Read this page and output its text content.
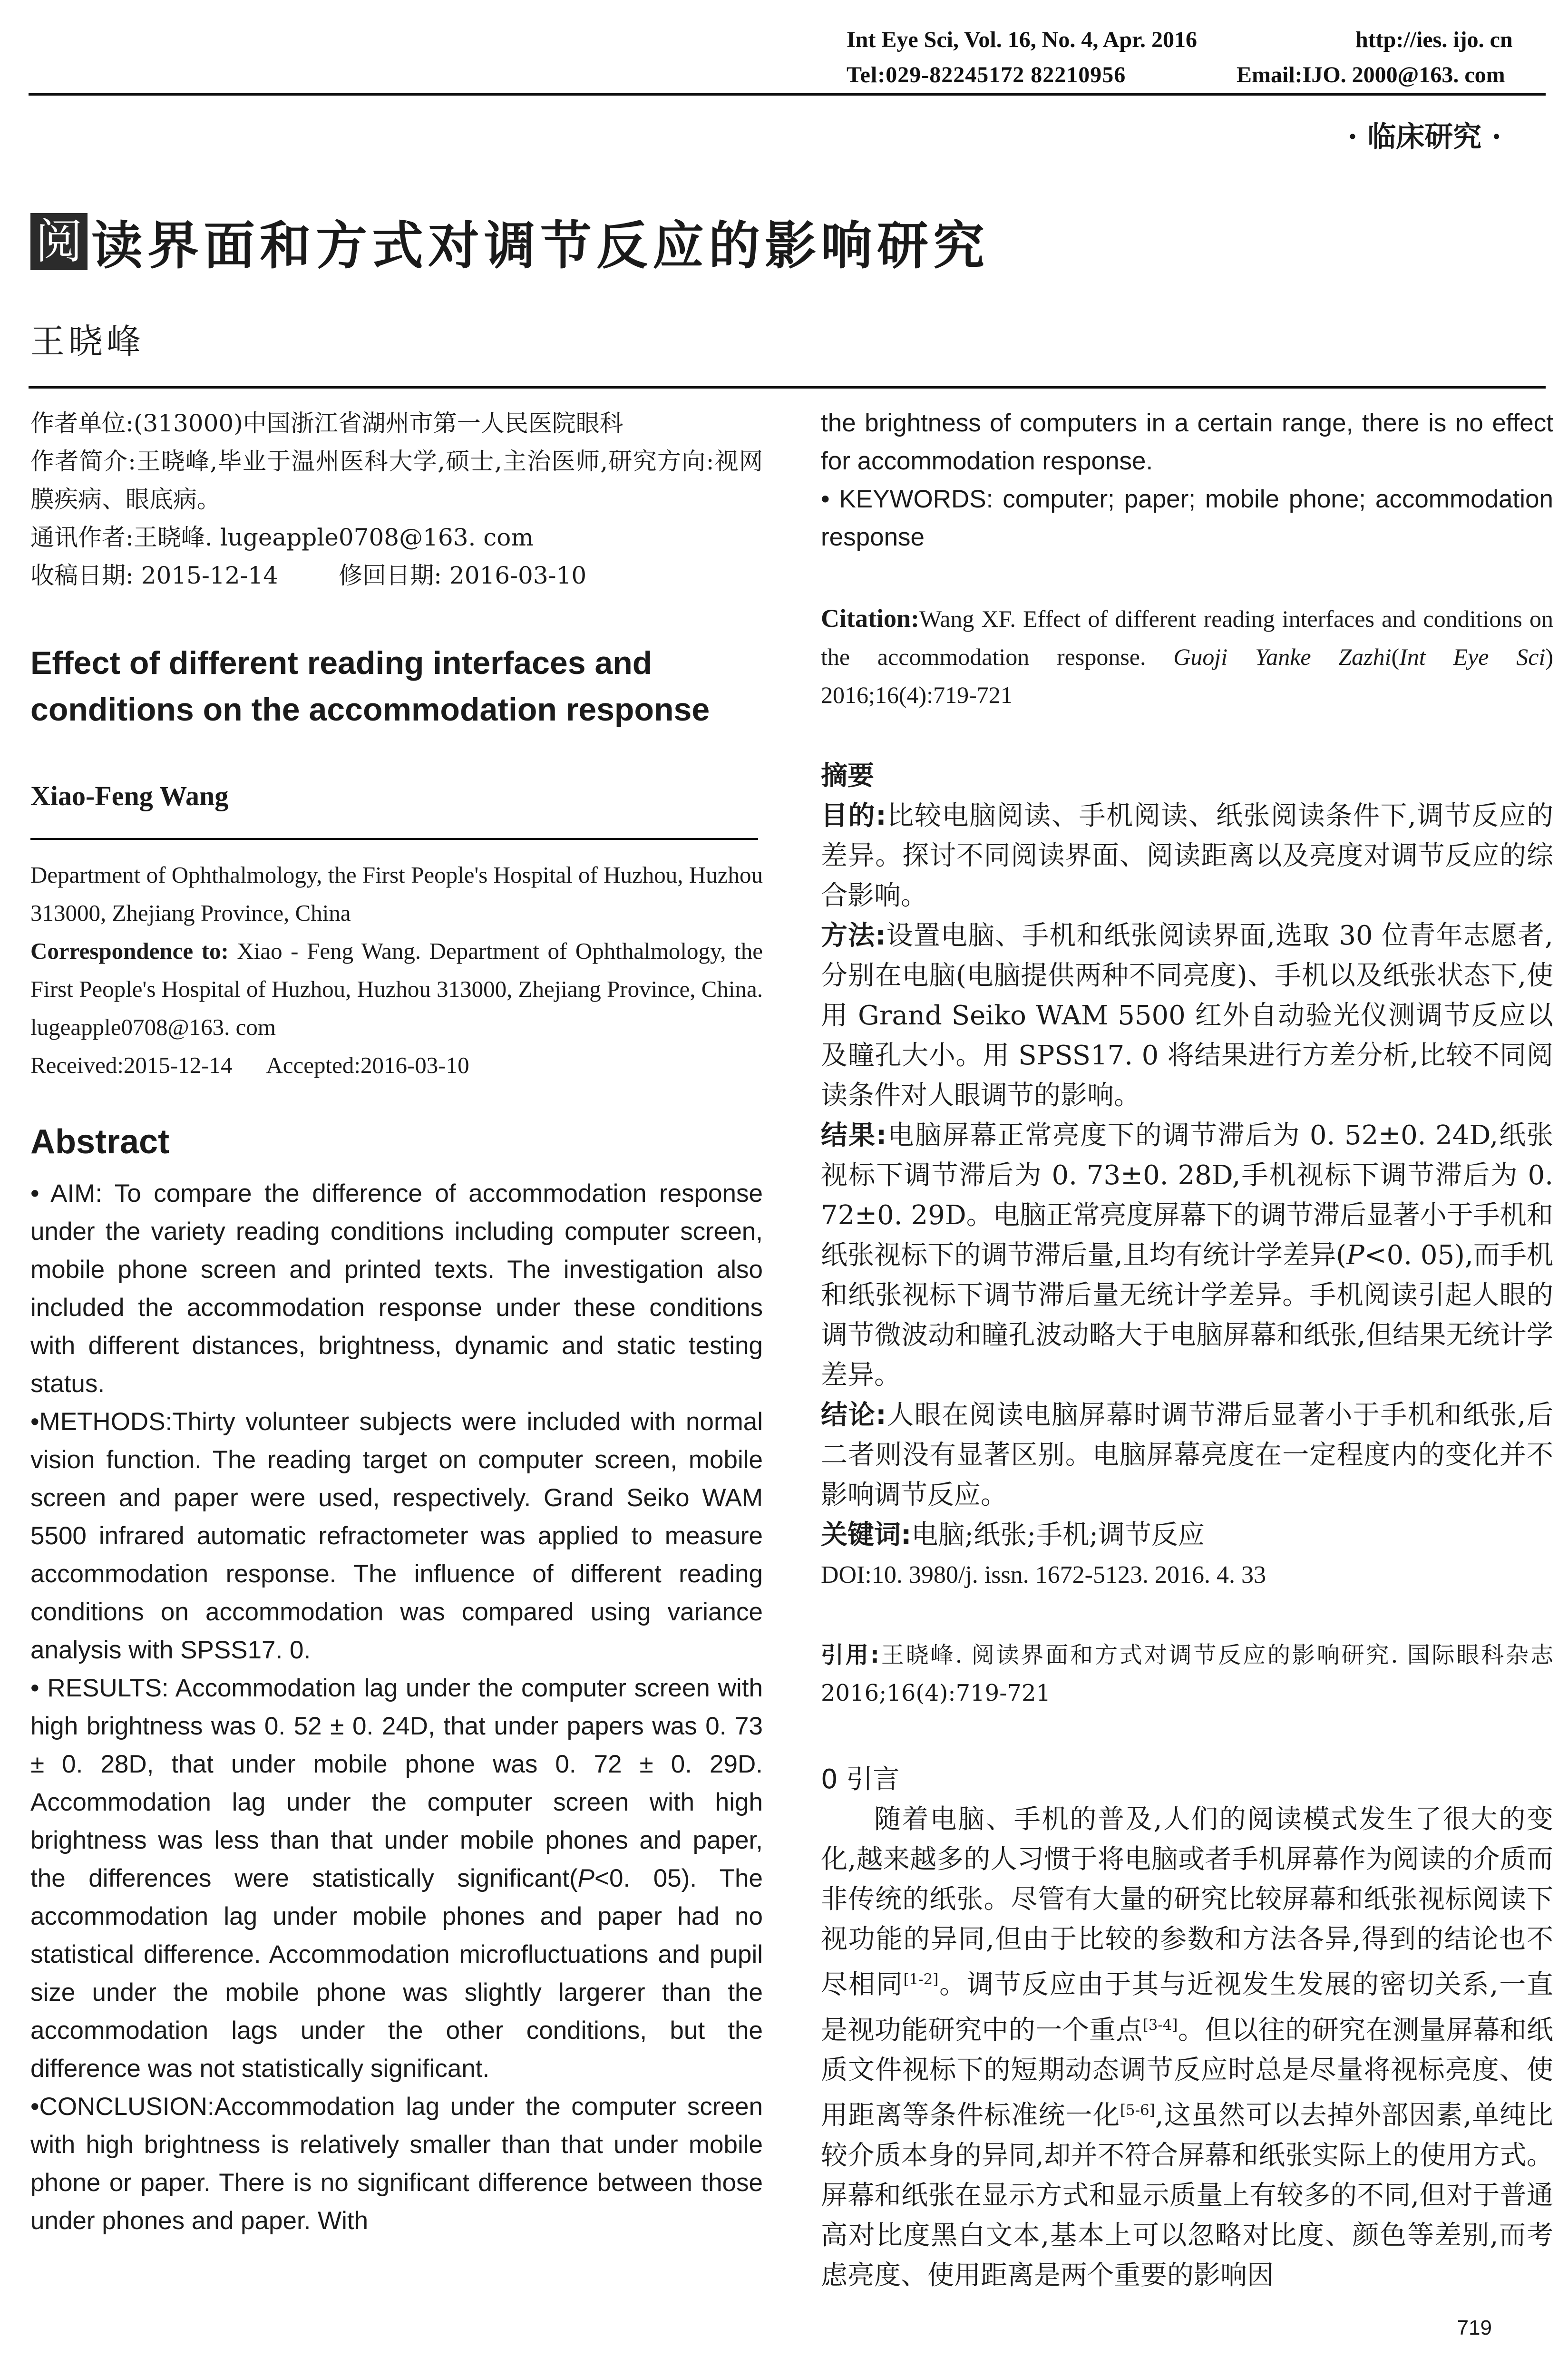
Int Eye Sci, Vol. 16, No. 4, Apr. 2016	http://ies. ijo. cn
Tel:029-82245172 82210956	Email:IJO. 2000@163. com
· 临床研究 ·
阅 读界面和方式对调节反应的影响研究
王晓峰

作者单位:(313000)中国浙江省湖州市第一人民医院眼科

作者简介:王晓峰,毕业于温州医科大学,硕士,主治医师,研究方向:视网膜疾病、眼底病。

通讯作者:王晓峰. lugeapple0708@163. com

收稿日期: 2015-12-14        修回日期: 2016-03-10

Effect of different reading interfaces and conditions on the accommodation response
Xiao-Feng Wang

Department of Ophthalmology, the First People's Hospital of Huzhou, Huzhou 313000, Zhejiang Province, China

Correspondence to: Xiao - Feng Wang. Department of Ophthalmology, the First People's Hospital of Huzhou, Huzhou 313000, Zhejiang Province, China. lugeapple0708@163. com

Received:2015-12-14      Accepted:2016-03-10

Abstract

• AIM: To compare the difference of accommodation response under the variety reading conditions including computer screen, mobile phone screen and printed texts. The investigation also included the accommodation response under these conditions with different distances, brightness, dynamic and static testing status.

•METHODS:Thirty volunteer subjects were included with normal vision function. The reading target on computer screen, mobile screen and paper were used, respectively. Grand Seiko WAM 5500 infrared automatic refractometer was applied to measure accommodation response. The influence of different reading conditions on accommodation was compared using variance analysis with SPSS17. 0.

• RESULTS: Accommodation lag under the computer screen with high brightness was 0. 52 ± 0. 24D, that under papers was 0. 73 ± 0. 28D, that under mobile phone was 0. 72 ± 0. 29D. Accommodation lag under the computer screen with high brightness was less than that under mobile phones and paper, the differences were statistically significant(P<0. 05). The accommodation lag under mobile phones and paper had no statistical difference. Accommodation microfluctuations and pupil size under the mobile phone was slightly largerer than the accommodation lags under the other conditions, but the difference was not statistically significant.

•CONCLUSION:Accommodation lag under the computer screen with high brightness is relatively smaller than that under mobile phone or paper. There is no significant difference between those under phones and paper. With

the brightness of computers in a certain range, there is no effect for accommodation response.

• KEYWORDS: computer; paper; mobile phone; accommodation response

Citation:Wang XF. Effect of different reading interfaces and conditions on the accommodation response. Guoji Yanke Zazhi(Int Eye Sci) 2016;16(4):719-721

摘要

目的:比较电脑阅读、手机阅读、纸张阅读条件下,调节反应的差异。探讨不同阅读界面、阅读距离以及亮度对调节反应的综合影响。

方法:设置电脑、手机和纸张阅读界面,选取 30 位青年志愿者,分别在电脑(电脑提供两种不同亮度)、手机以及纸张状态下,使用 Grand Seiko WAM 5500 红外自动验光仪测调节反应以及瞳孔大小。用 SPSS17. 0 将结果进行方差分析,比较不同阅读条件对人眼调节的影响。

结果:电脑屏幕正常亮度下的调节滞后为 0. 52±0. 24D,纸张视标下调节滞后为 0. 73±0. 28D,手机视标下调节滞后为 0. 72±0. 29D。电脑正常亮度屏幕下的调节滞后显著小于手机和纸张视标下的调节滞后量,且均有统计学差异(P<0. 05),而手机和纸张视标下调节滞后量无统计学差异。手机阅读引起人眼的调节微波动和瞳孔波动略大于电脑屏幕和纸张,但结果无统计学差异。

结论:人眼在阅读电脑屏幕时调节滞后显著小于手机和纸张,后二者则没有显著区别。电脑屏幕亮度在一定程度内的变化并不影响调节反应。

关键词:电脑;纸张;手机;调节反应

DOI:10. 3980/j. issn. 1672-5123. 2016. 4. 33

引用:王晓峰. 阅读界面和方式对调节反应的影响研究. 国际眼科杂志 2016;16(4):719-721

0 引言

随着电脑、手机的普及,人们的阅读模式发生了很大的变化,越来越多的人习惯于将电脑或者手机屏幕作为阅读的介质而非传统的纸张。尽管有大量的研究比较屏幕和纸张视标阅读下视功能的异同,但由于比较的参数和方法各异,得到的结论也不尽相同[1-2]。调节反应由于其与近视发生发展的密切关系,一直是视功能研究中的一个重点[3-4]。但以往的研究在测量屏幕和纸质文件视标下的短期动态调节反应时总是尽量将视标亮度、使用距离等条件标准统一化[5-6],这虽然可以去掉外部因素,单纯比较介质本身的异同,却并不符合屏幕和纸张实际上的使用方式。屏幕和纸张在显示方式和显示质量上有较多的不同,但对于普通高对比度黑白文本,基本上可以忽略对比度、颜色等差别,而考虑亮度、使用距离是两个重要的影响因

719
